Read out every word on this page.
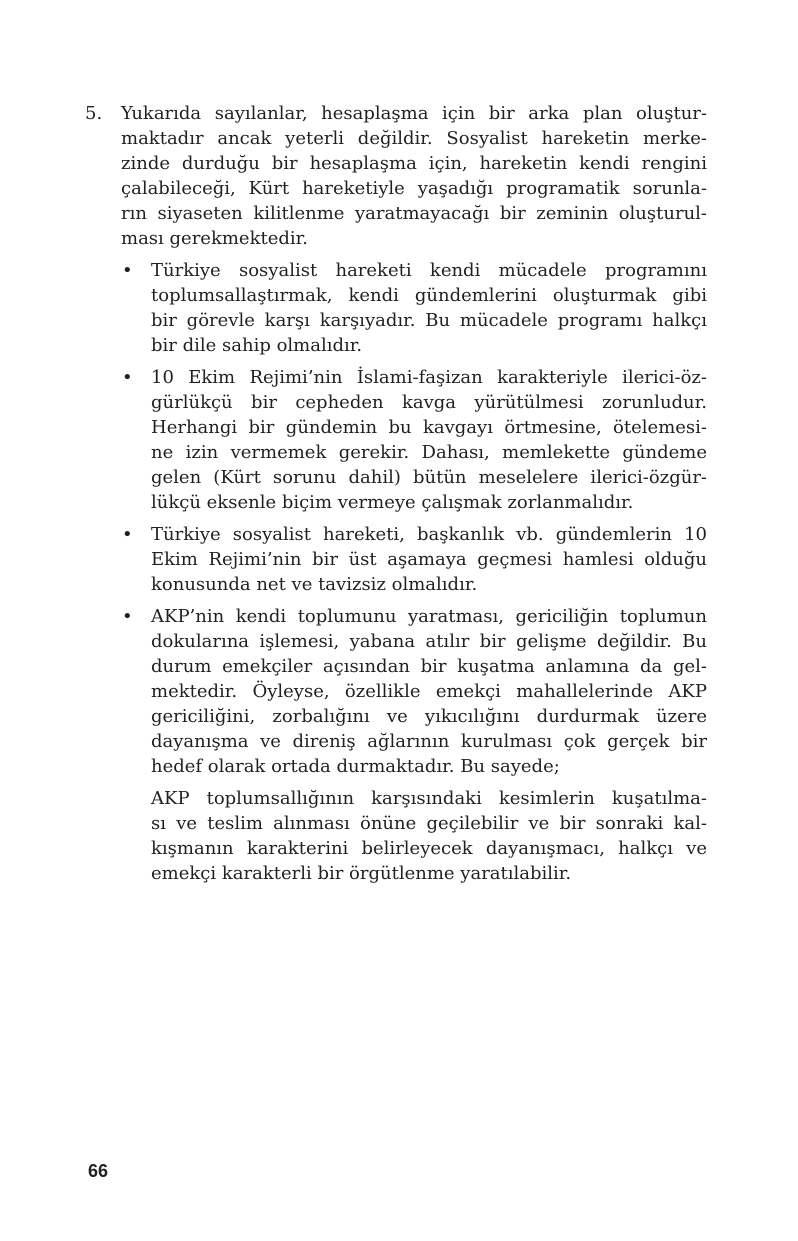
5.	Yukarıda sayılanlar, hesaplaşma için bir arka plan oluştur-
maktadır ancak yeterli değildir. Sosyalist hareketin merke-
zinde durduğu bir hesaplaşma için, hareketin kendi rengini
çalabileceği, Kürt hareketiyle yaşadığı programatik sorunla-
rın siyaseten kilitlenme yaratmayacağı bir zeminin oluşturul-
ması gerekmektedir.
•	Türkiye sosyalist hareketi kendi mücadele programını
toplumsallaştırmak, kendi gündemlerini oluşturmak gibi
bir görevle karşı karşıyadır. Bu mücadele programı halkçı
bir dile sahip olmalıdır.
•	10 Ekim Rejimi’nin İslami-faşizan karakteriyle ilerici-öz-
gürlükçü bir cepheden kavga yürütülmesi zorunludur.
Herhangi bir gündemin bu kavgayı örtmesine, ötelemesi-
ne izin vermemek gerekir. Dahası, memlekette gündeme
gelen (Kürt sorunu dahil) bütün meselelere ilerici-özgür-
lükçü eksenle biçim vermeye çalışmak zorlanmalıdır.
•	Türkiye sosyalist hareketi, başkanlık vb. gündemlerin 10
Ekim Rejimi’nin bir üst aşamaya geçmesi hamlesi olduğu
konusunda net ve tavizsiz olmalıdır.
•	AKP’nin kendi toplumunu yaratması, gericiliğin toplumun
dokularına işlemesi, yabana atılır bir gelişme değildir. Bu
durum emekçiler açısından bir kuşatma anlamına da gel-
mektedir. Öyleyse, özellikle emekçi mahallelerinde AKP
gericiliğini, zorbalığını ve yıkıcılığını durdurmak üzere
dayanışma ve direniş ağlarının kurulması çok gerçek bir
hedef olarak ortada durmaktadır. Bu sayede;
AKP toplumsallığının karşısındaki kesimlerin kuşatılma-
sı ve teslim alınması önüne geçilebilir ve bir sonraki kal-
kışmanın karakterini belirleyecek dayanışmacı, halkçı ve
emekçi karakterli bir örgütlenme yaratılabilir.
66
